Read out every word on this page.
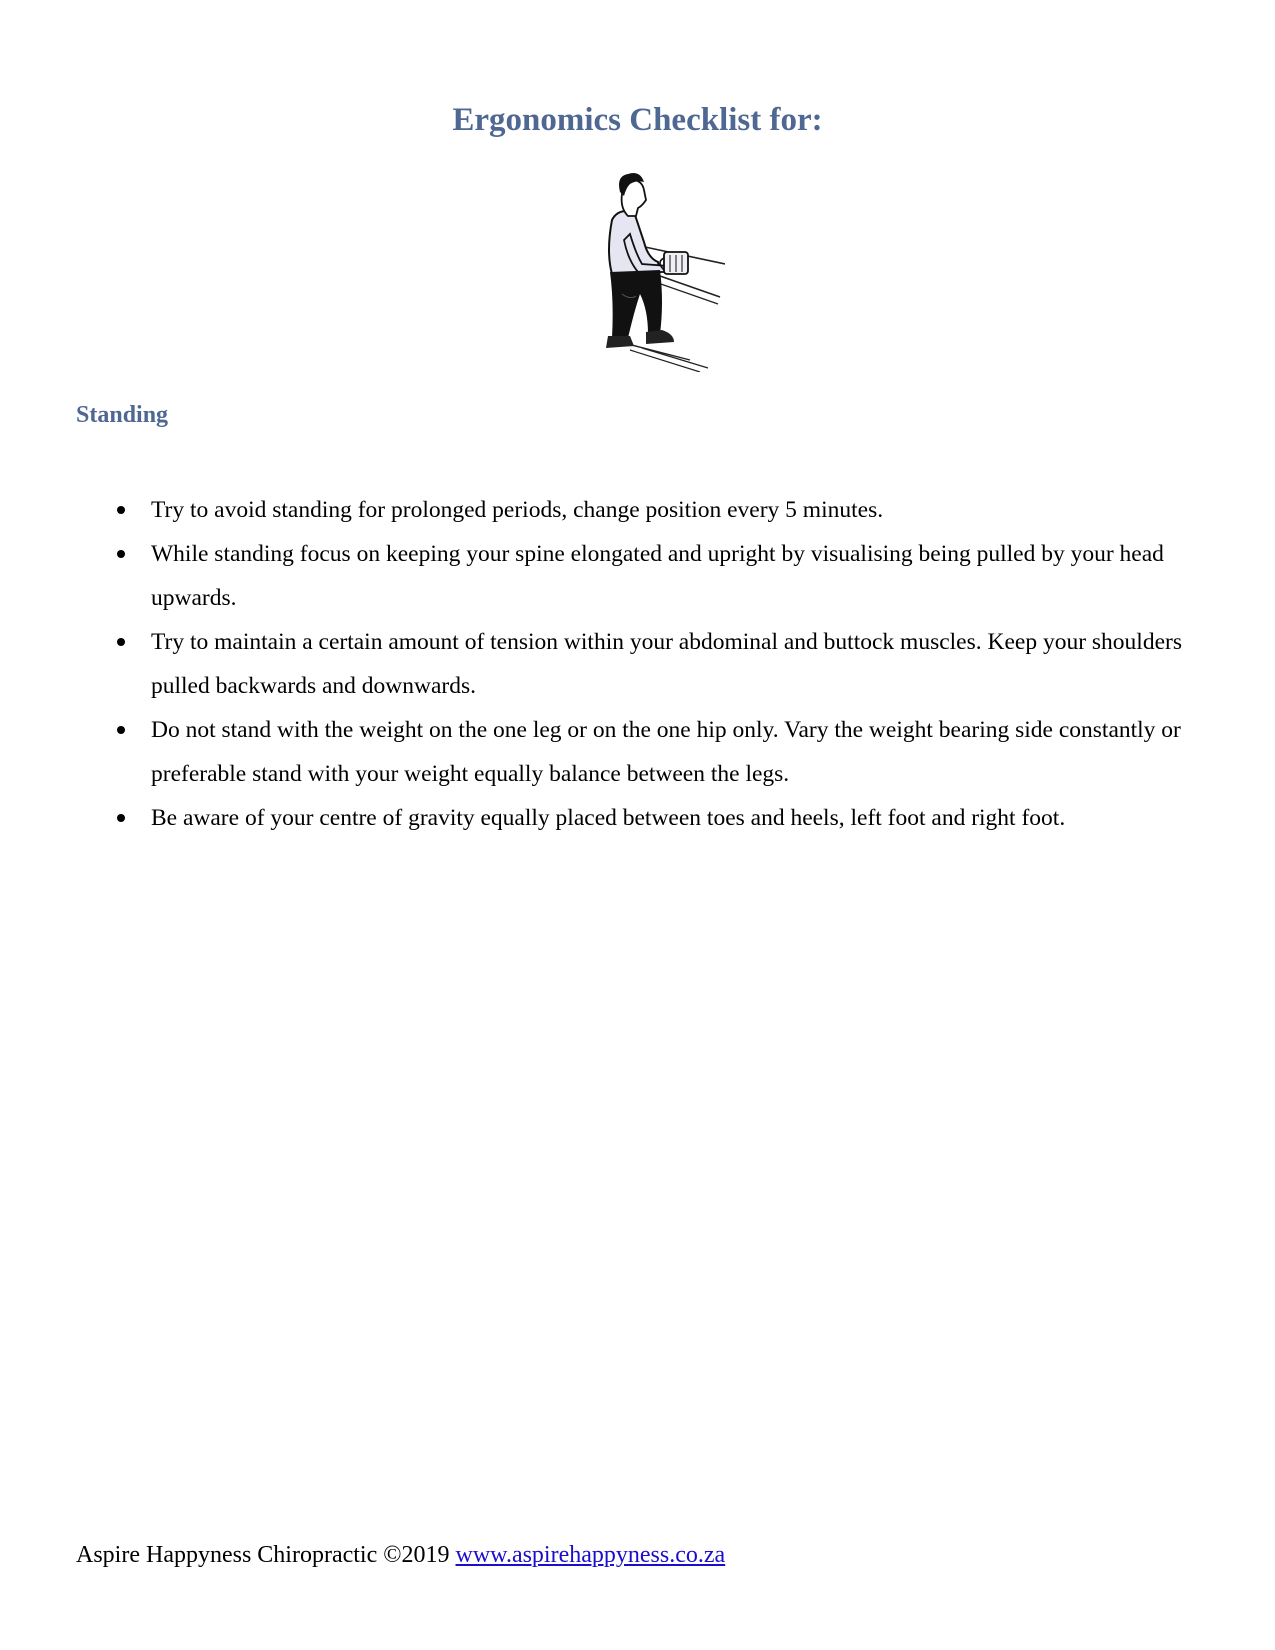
Ergonomics Checklist for:
Standing
Try to avoid standing for prolonged periods, change position every 5 minutes.
While standing focus on keeping your spine elongated and upright by visualising being pulled by your head upwards.
Try to maintain a certain amount of tension within your abdominal and buttock muscles. Keep your shoulders pulled backwards and downwards.
Do not stand with the weight on the one leg or on the one hip only. Vary the weight bearing side constantly or preferable stand with your weight equally balance between the legs.
Be aware of your centre of gravity equally placed between toes and heels, left foot and right foot.
Aspire Happyness Chiropractic ©2019 www.aspirehappyness.co.za
